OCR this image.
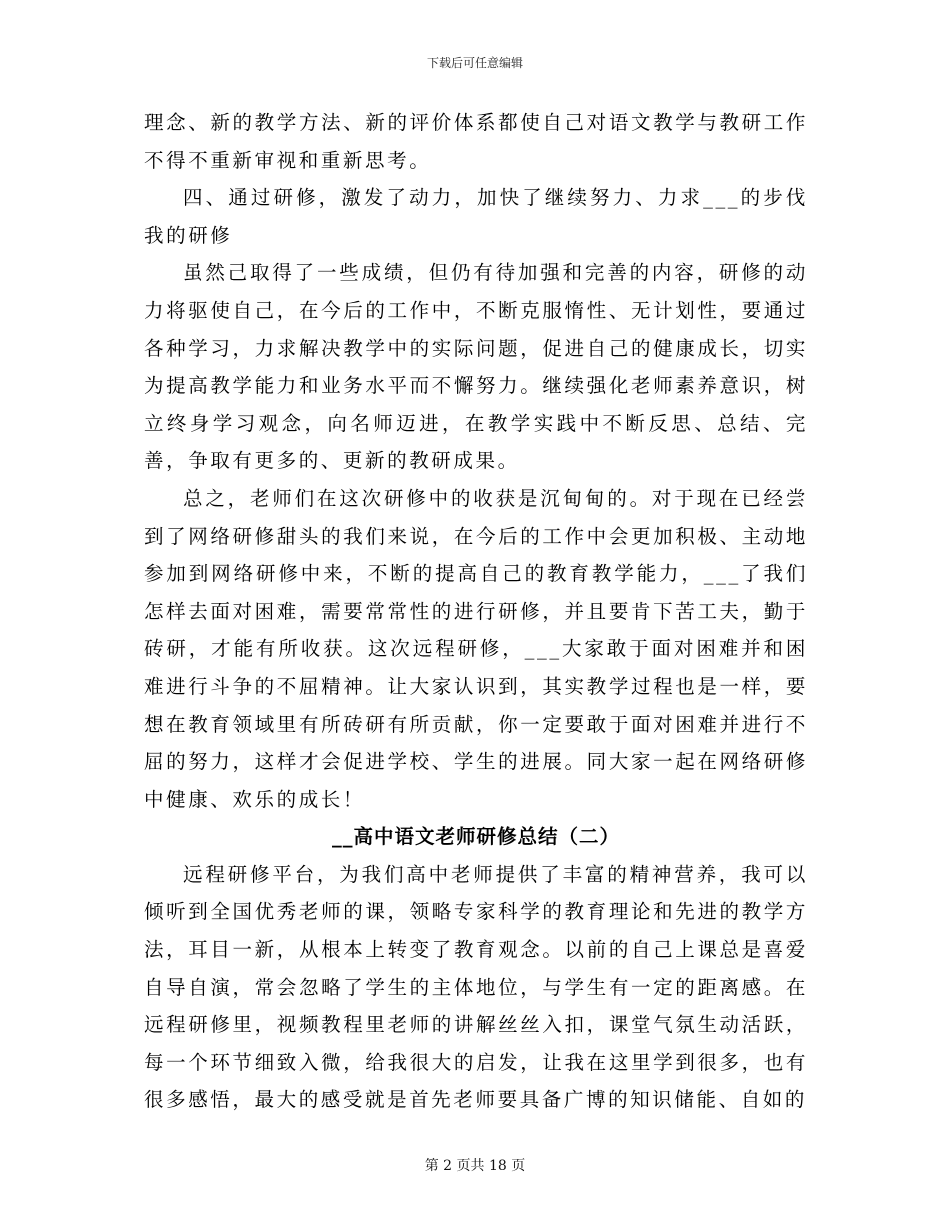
下载后可任意编辑

理念、新的教学方法、新的评价体系都使自己对语文教学与教研工作不得不重新审视和重新思考。

四、通过研修，激发了动力，加快了继续努力、力求___的步伐我的研修

虽然己取得了一些成绩，但仍有待加强和完善的内容，研修的动力将驱使自己，在今后的工作中，不断克服惰性、无计划性，要通过各种学习，力求解决教学中的实际问题，促进自己的健康成长，切实为提高教学能力和业务水平而不懈努力。继续强化老师素养意识，树立终身学习观念，向名师迈进，在教学实践中不断反思、总结、完善，争取有更多的、更新的教研成果。

总之，老师们在这次研修中的收获是沉甸甸的。对于现在已经尝到了网络研修甜头的我们来说，在今后的工作中会更加积极、主动地参加到网络研修中来，不断的提高自己的教育教学能力，___了我们怎样去面对困难，需要常常性的进行研修，并且要肯下苦工夫，勤于砖研，才能有所收获。这次远程研修，___大家敢于面对困难并和困难进行斗争的不屈精神。让大家认识到，其实教学过程也是一样，要想在教育领域里有所砖研有所贡献，你一定要敢于面对困难并进行不屈的努力，这样才会促进学校、学生的进展。同大家一起在网络研修中健康、欢乐的成长！

__高中语文老师研修总结（二）

远程研修平台，为我们高中老师提供了丰富的精神营养，我可以倾听到全国优秀老师的课，领略专家科学的教育理论和先进的教学方法，耳目一新，从根本上转变了教育观念。以前的自己上课总是喜爱自导自演，常会忽略了学生的主体地位，与学生有一定的距离感。在远程研修里，视频教程里老师的讲解丝丝入扣，课堂气氛生动活跃，每一个环节细致入微，给我很大的启发，让我在这里学到很多，也有很多感悟，最大的感受就是首先老师要具备广博的知识储能、自如的

第 2 页共 18 页
